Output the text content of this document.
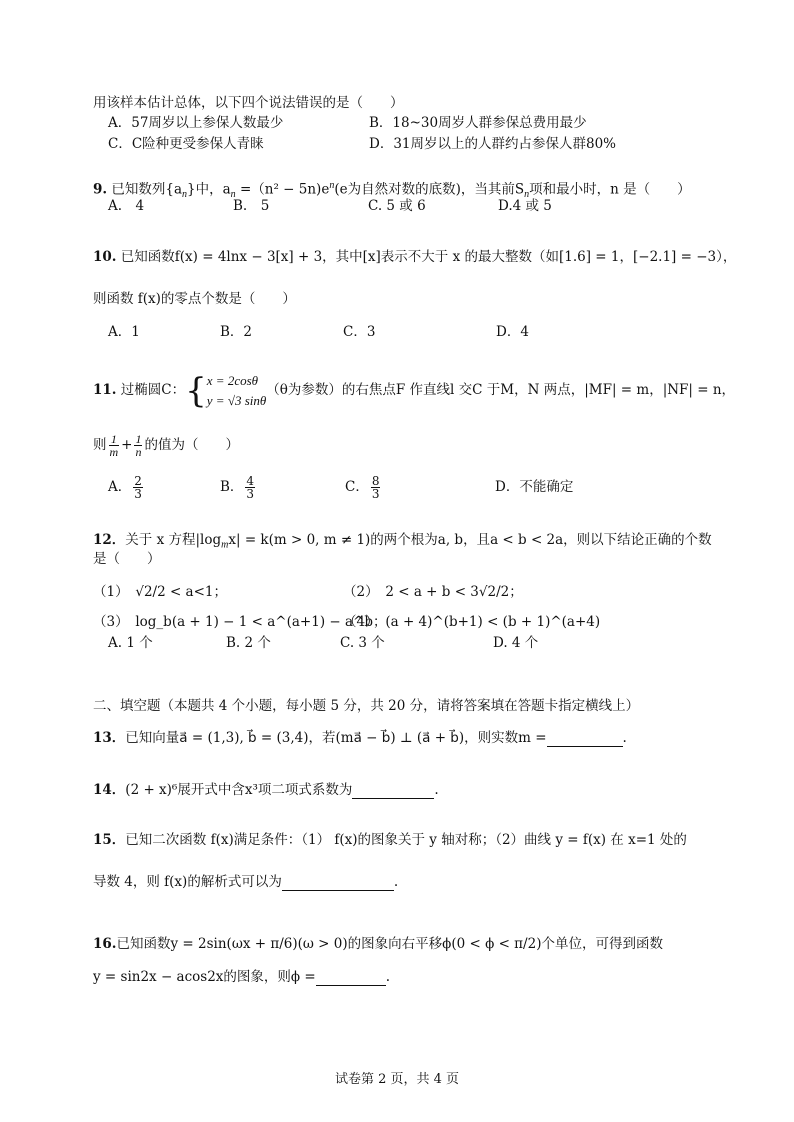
用该样本估计总体，以下四个说法错误的是（　　）
A．57周岁以上参保人数最少	B．18~30周岁人群参保总费用最少
C．C险种更受参保人青睐	D．31周岁以上的人群约占参保人群80%
9. 已知数列$\{a_n\}$中，$a_n =(n^2 - 5n)e^n(e$为自然对数的底数)，当其前$S_n$项和最小时，n 是（　　）
A.　4	B.　5	C. 5 或 6	D.4 或 5
10. 已知函数f(x) = 4lnx − 3[x] + 3，其中[x]表示不大于 x 的最大整数（如[1.6] = 1，[−2.1] = −3），
则函数 f(x)的零点个数是（　　）
A．1	B．2	C．3	D．4
11. 过椭圆C：{ x = 2cosθ
y = √3 sinθ
（θ为参数）的右焦点F 作直线l 交C 于M，N 两点，|MF| = m，|NF| = n，
则 $\frac{1}{m} + \frac{1}{n}$ 的值为（　　）
A． $\frac{2}{3}$	B． $\frac{4}{3}$	C． $\frac{8}{3}$	D．不能确定
12．关于 x 方程$|\log_mx| = k(m > 0$, m ≠ 1)的两个根为a, b，且a < b < 2a，则以下结论正确的个数
是（　　）
（1）　√2/2 < a<1；	（2）　2 < a + b < 3√2/2；
（3）　log_b(a + 1) − 1 < a^(a+1) − a^b；
（4）　(a + 4)^(b+1) < (b + 1)^(a+4)
A. 1 个	B. 2 个	C. 3 个	D. 4 个
二、填空题（本题共 4 个小题，每小题 5 分，共 20 分，请将答案填在答题卡指定横线上）
13．已知向量a⃗ = (1,3), b⃗ = (3,4)，若(ma⃗ − b⃗) ⊥ (a⃗ + b⃗)，则实数m =	.
14．(2 + x)⁶展开式中含x³项二项式系数为	.
15．已知二次函数 f(x)满足条件：（1） f(x)的图象关于 y 轴对称；（2）曲线 y = f(x) 在 x=1 处的
导数 4，则 f(x)的解析式可以为	.
16.已知函数y = 2sin(ωx + π/6)(ω > 0)的图象向右平移ϕ(0 < ϕ < π/2)个单位，可得到函数
y = sin2x − acos2x的图象，则ϕ =	.
试卷第 2 页，共 4 页
